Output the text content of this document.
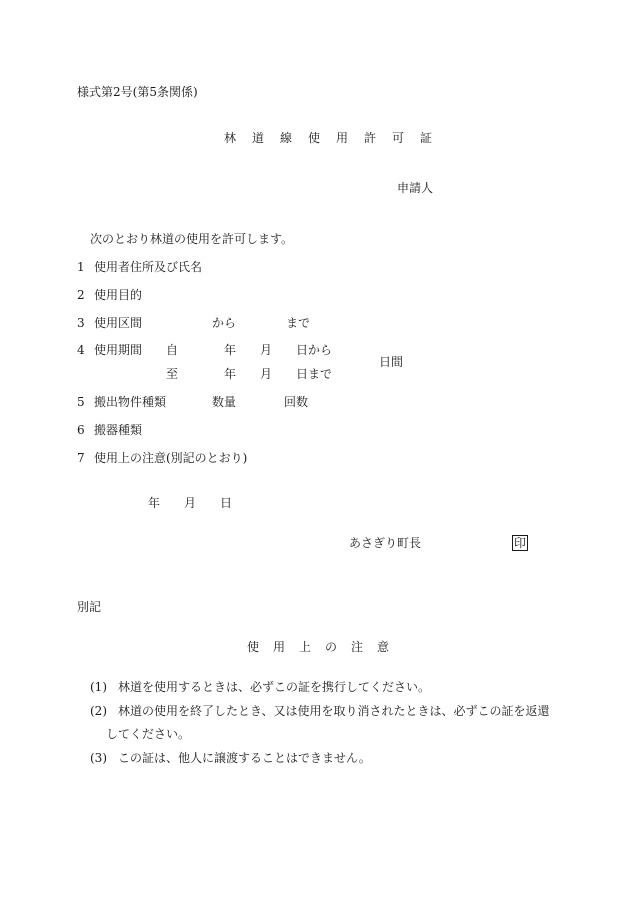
様式第2号(第5条関係)
林道線使用許可証
申請人
次のとおり林道の使用を許可します。
1 使用者住所及び氏名
2 使用目的
3 使用区間	から	まで
4 使用期間 自	年 月 日から
日間
至	年 月 日まで
5 搬出物件種類	数量	回数
6 搬器種類
7 使用上の注意(別記のとおり)
年 月 日
あさぎり町長	印
別記
使用上の注意
(1) 林道を使用するときは、必ずこの証を携行してください。
(2) 林道の使用を終了したとき、又は使用を取り消されたときは、必ずこの証を返還
してください。
(3) この証は、他人に譲渡することはできません。
